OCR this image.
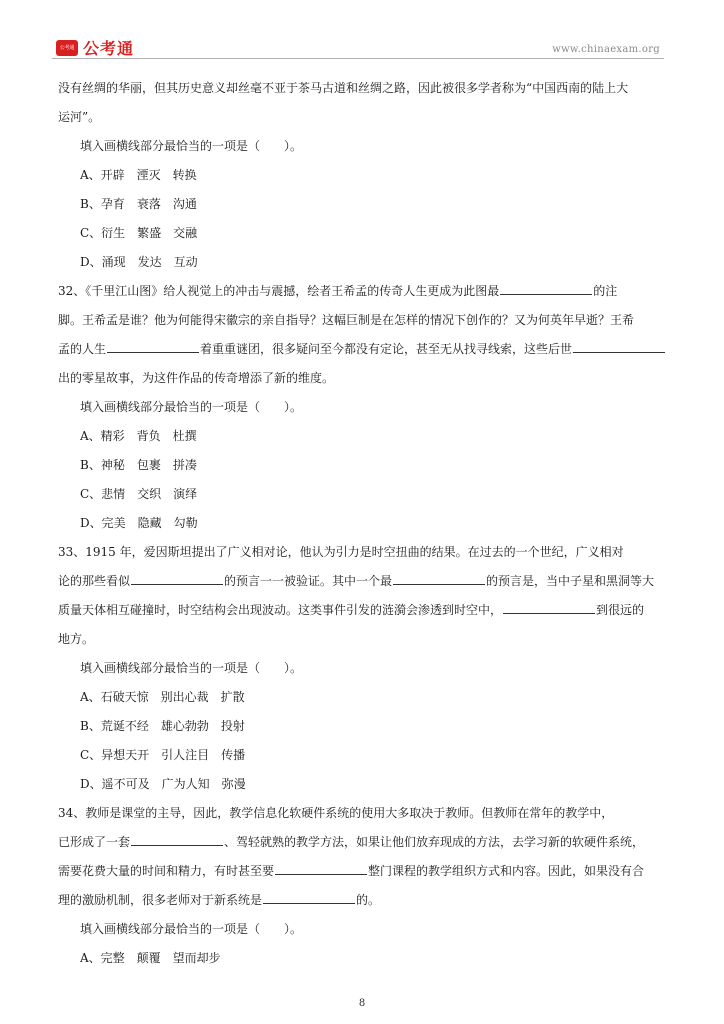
公考通 公考通	www.chinaexam.org

没有丝绸的华丽，但其历史意义却丝毫不亚于茶马古道和丝绸之路，因此被很多学者称为“中国西南的陆上大

运河”。

填入画横线部分最恰当的一项是（　　）。

A、开辟　湮灭　转换

B、孕育　衰落　沟通

C、衍生　繁盛　交融

D、涌现　发达　互动

32、《千里江山图》给人视觉上的冲击与震撼，绘者王希孟的传奇人生更成为此图最	的注

脚。王希孟是谁？他为何能得宋徽宗的亲自指导？这幅巨制是在怎样的情况下创作的？又为何英年早逝？王希

孟的人生	着重重谜团，很多疑问至今都没有定论，甚至无从找寻线索，这些后世

出的零星故事，为这件作品的传奇增添了新的维度。

填入画横线部分最恰当的一项是（　　）。

A、精彩　背负　杜撰

B、神秘　包裹　拼凑

C、悲情　交织　演绎

D、完美　隐藏　勾勒

33、1915 年，爱因斯坦提出了广义相对论，他认为引力是时空扭曲的结果。在过去的一个世纪，广义相对

论的那些看似	的预言一一被验证。其中一个最	的预言是，当中子星和黑洞等大

质量天体相互碰撞时，时空结构会出现波动。这类事件引发的涟漪会渗透到时空中，	到很远的

地方。

填入画横线部分最恰当的一项是（　　）。

A、石破天惊　别出心裁　扩散

B、荒诞不经　雄心勃勃　投射

C、异想天开　引人注目　传播

D、遥不可及　广为人知　弥漫

34、教师是课堂的主导，因此，教学信息化软硬件系统的使用大多取决于教师。但教师在常年的教学中，

已形成了一套	、驾轻就熟的教学方法，如果让他们放弃现成的方法，去学习新的软硬件系统，

需要花费大量的时间和精力，有时甚至要	整门课程的教学组织方式和内容。因此，如果没有合

理的激励机制，很多老师对于新系统是	的。

填入画横线部分最恰当的一项是（　　）。

A、完整　颠覆　望而却步

8
